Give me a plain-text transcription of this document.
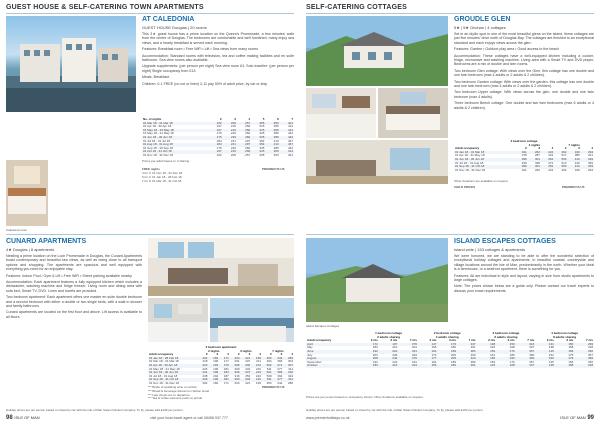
GUEST HOUSE & SELF-CATERING TOWN APARTMENTS
Caledonia room
AT CALEDONIA
GUEST HOUSE Douglas | 20 rooms

This 3★ guest house has a prime location on the Queen's Promenade, a few minutes' walk from the centre of Douglas. The bedrooms are comfortable and well furnished, many enjoy sea views, and a hearty breakfast is served each morning.

Features: Breakfast room • Free WiFi • Lift • Sea views from many rooms

Accommodation: Standard rooms with television, tea and coffee making facilities and en suite bathroom. Sea view rooms also available.

Upgrade supplements: (per person per night) Sea view room £4. Solo traveller: (per person per night) Single occupancy from £13.

Meals: Breakfast.

Children: 0-1 FREE (no cot or linen) 2-11 pay 50% of adult price, by car or ship

No. of nights	2	3	4	5	6	7
01 Mar 18 - 31 Mar 18	162	209	257	305	353	401
01 Apr 18 - 30 Apr 18	167	216	266	315	365	414
01 May 18 - 15 May 18	167	216	266	315	365	414
16 May 18 - 31 May 18	176	229	282	335	389	442
01 Jun 18 - 30 Jun 18	176	229	282	335	389	442
01 Jul 18 - 31 Jul 18	184	241	297	354	410	467
01 Aug 18 - 31 Aug 18	184	241	297	354	410	467
01 Sep 18 - 30 Sep 18	176	229	282	335	389	442
01 Oct 18 - 31 Oct 18	167	216	266	315	365	414
01 Nov 18 - 31 Dec 18	162	209	257	305	353	401
Prices per adult based on 2 sharing
FREE nights
4 for 3: 01 Nov 18 - 31 Dec 18
5 for 4: 01 Jan 18 - 28 Feb 18
7 for 6: 01 Mar 18 - 31 Oct 18
PREMIER PLUS
CUNARD APARTMENTS
4★ Douglas | 8 apartments

Nestling a prime location on the Loch Promenade in Douglas, the Cunard Apartments boast contemporary and beautiful sea views, as well as being close to all transport options and shopping. The apartments are spacious and well equipped with everything you need for an enjoyable stay.

Features: Indoor Pool / Gym & Lift • Free WiFi • Street parking available nearby

Accommodation: Each apartment features a fully equipped kitchen which includes a dishwasher, washing machine and fridge freezer. Living room and dining area with sofa bed, Smart TV, DVD. Linen and towels are provided.

Two bedroom apartment: Each apartment offers one master en suite double bedroom and a second bedroom with either a double or two single beds, with a walk in shower and family bathroom.

Cunard apartments are located on the first floor and above. Lift access is available to all floors.

2 bedroom apartment									
	2 nights			3 nights			7 nights		
Adult occupancy	2	3	4	2	3	4	2	3	4
01 Jan 18 - 28 Feb 18	204	182	171	264	221	199	453	342	286
01 Mar 18 - 31 Mar 18	218	190	177	291	237	211	494	366	304
01 Apr 18 - 30 Apr 18	222	193	179	295	240	213	502	371	307
01 May 18 - 31 May 18	226	196	181	300	243	216	511	377	311
01 Jun 18 - 30 Jun 18	231	199	184	306	247	219	521	383	316
01 Jul 18 - 31 Aug 18	238	204	187	316	253	224	539	394	324
01 Sep 18 - 31 Oct 18	226	196	181	300	243	216	511	377	311
01 Nov 18 - 31 Dec 18	204	182	171	264	221	199	453	342	286
*** Bottle of sparkling wine on arrival
*** Bread & beverage discount in Sefton Hotel
*** Late check out on departure
*** Tea & coffee welcome pack on arrival
PREMIER PLUS
Holiday prices are per person based on travel by car with the Isle of Man Steam Packet Company. To fly, please add £100 per person.
98 ISLE OF MAN	visit your local travel agent or call 08458 937 777
SELF-CATERING COTTAGES
GROUDLE GLEN
5★ | 5★ Onchan | 4 cottages

Set in an idyllic spot in one of the most beautiful glens on the island, these cottages are just five minutes' drive north of Douglas Bay. The cottages are finished to an exceptional standard and each enjoys views across the glen.

Features: Garden • Outdoor play area • Good access to the beach

Accommodation: These cottages have a well-equipped kitchen including a cooker, fridge, microwave and washing machine. Living area with a Smart TV and DVD player. Bedrooms are a mix of double and twin rooms.

Two bedroom Glen cottage: With views over the Glen, this cottage has one double and one twin bedroom (max 4 adults or 2 adults & 2 children).

Two bedroom Garden cottage: With views over the garden, this cottage has one double and one twin bedroom (max 4 adults or 2 adults & 2 children).

Two bedroom Upper cottage: With views across the glen, one double and one twin bedroom (max 4 adults).

Three bedroom Beech cottage: One double and two twin bedrooms (max 6 adults or 4 adults & 2 children).

2 bedroom cottage						
	4 nights			7 nights		
Adult occupancy	2	3	4	2	3	4
01 Jan 18 - 31 Mar 18	341	262	224	462	349	294
01 Apr 18 - 31 May 18	378	287	243	517	385	321
01 Jun 18 - 30 Jun 18	399	301	254	553	410	339
01 Jul 18 - 31 Aug 18	439	328	274	613	449	369
01 Sep 18 - 31 Oct 18	399	301	254	553	410	339
01 Nov 18 - 31 Dec 18	341	262	224	462	349	294
Other durations are available on request
CHILD PRICES	PREMIER PLUS
Island Escapes Cottages
ISLAND ESCAPES COTTAGES
Island wide | 153 cottages & apartments

We were honored, we are standing to be able to offer the wonderful selection of exceptional holiday cottages and apartments, in beautiful coastal, countryside and village locations around the Isle of Man, predominantly in the north. Whether your ideal is a farmhouse, or a seafront apartment, there is something for you.

Features: All are individual in style and layout, varying in size from studio apartments to large cottages.

Note: The prices shown below are a guide only. Please contact our travel experts to discuss your exact requirements.

	1 bedroom cottage			2 bedroom cottage			3 bedroom cottage			4 bedroom cottage		
	2 adults sharing			4 adults sharing			6 adults sharing			8 adults sharing		
Adult occupancy	2 nts	3 nts	7 nts	2 nts	3 nts	7 nts	2 nts	3 nts	7 nts	2 nts	3 nts	7 nts
April	172	197	376	147	170	337	138	159	316	131	150	299
May	183	210	404	156	180	361	146	168	337	138	158	318
June	192	222	431	164	189	383	153	176	357	145	166	336
July	203	236	463	173	200	409	161	186	380	152	175	357
August	208	242	476	177	205	420	165	190	390	156	179	366
September	192	222	431	164	189	383	153	176	357	145	166	336
October	183	210	404	156	180	361	146	168	337	138	158	318
Prices are per person based on occupancy shown. Other durations available on request.
Holiday prices are per person based on travel by car with the Isle of Man Steam Packet Company. To fly, please add £100 per person.
ISLE OF MAN 99
www.premierholidays.co.uk
